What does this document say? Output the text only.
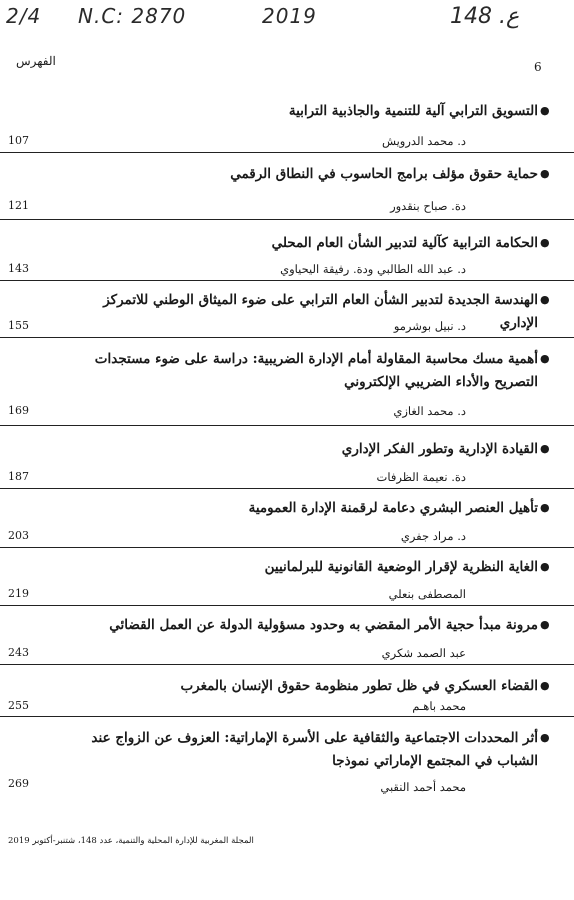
2/4 N.C: 2870	2019	ع. 148
6
الفهرس
●
التسويق الترابي آلية للتنمية والجاذبية الترابية
د. محمد الدرويش
107
●
حماية حقوق مؤلف برامج الحاسوب في النطاق الرقمي
دة. صباح بنقدور
121
●
الحكامة الترابية كآلية لتدبير الشأن العام المحلي
د. عبد الله الطالبي ودة. رفيقة اليحياوي
143
●
الهندسة الجديدة لتدبير الشأن العام الترابي على ضوء الميثاق الوطني للاتمركز الإداري
د. نبيل بوشرمو
155
●
أهمية مسك محاسبة المقاولة أمام الإدارة الضريبية: دراسة على ضوء مستجدات التصريح والأداء الضريبي الإلكتروني
د. محمد الغازي
169
●
القيادة الإدارية وتطور الفكر الإداري
دة. نعيمة الظرفات
187
●
تأهيل العنصر البشري دعامة لرقمنة الإدارة العمومية
د. مراد جفري
203
●
الغاية النظرية لإقرار الوضعية القانونية للبرلمانيين
المصطفى بنعلي
219
●
مرونة مبدأ حجية الأمر المقضي به وحدود مسؤولية الدولة عن العمل القضائي
عبد الصمد شكري
243
●
القضاء العسكري في ظل تطور منظومة حقوق الإنسان بالمغرب
محمد باهـم
255
●
أثر المحددات الاجتماعية والثقافية على الأسرة الإماراتية: العزوف عن الزواج عند الشباب في المجتمع الإماراتي نموذجا
محمد أحمد النقبي
269
المجلة المغربية للإدارة المحلية والتنمية، عدد 148، شتنبر-أكتوبر 2019
